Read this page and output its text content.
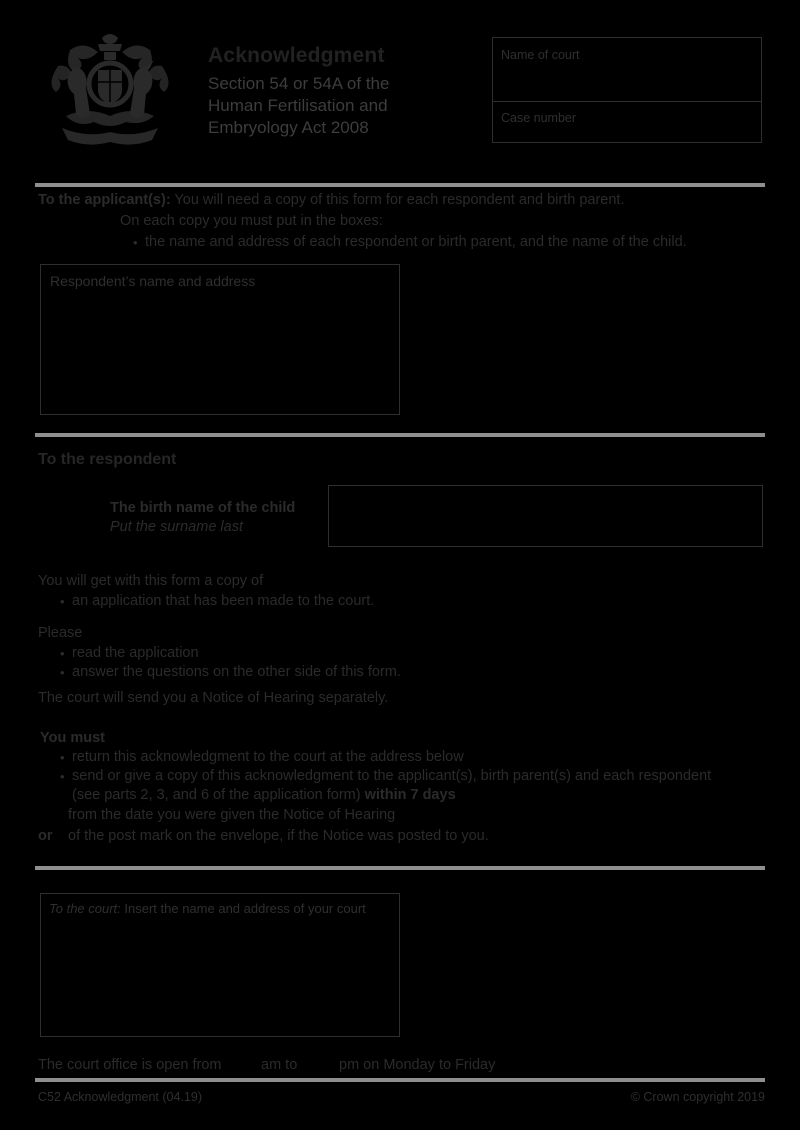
Acknowledgment
Section 54 or 54A of the
Human Fertilisation and
Embryology Act 2008
Name of court
Case number
To the applicant(s): You will need a copy of this form for each respondent and birth parent.
On each copy you must put in the boxes:
• the name and address of each respondent or birth parent, and the name of the child.
Respondent’s name and address
To the respondent
The birth name of the child
Put the surname last
You will get with this form a copy of
• an application that has been made to the court.
Please
• read the application
• answer the questions on the other side of this form.
The court will send you a Notice of Hearing separately.
You must
• return this acknowledgment to the court at the address below
• send or give a copy of this acknowledgment to the applicant(s), birth parent(s) and each respondent
(see parts 2, 3, and 6 of the application form) within 7 days
from the date you were given the Notice of Hearing
or of the post mark on the envelope, if the Notice was posted to you.
To the court: Insert the name and address of your court
The court office is open from	am to	pm on Monday to Friday
C52 Acknowledgment (04.19)	© Crown copyright 2019
